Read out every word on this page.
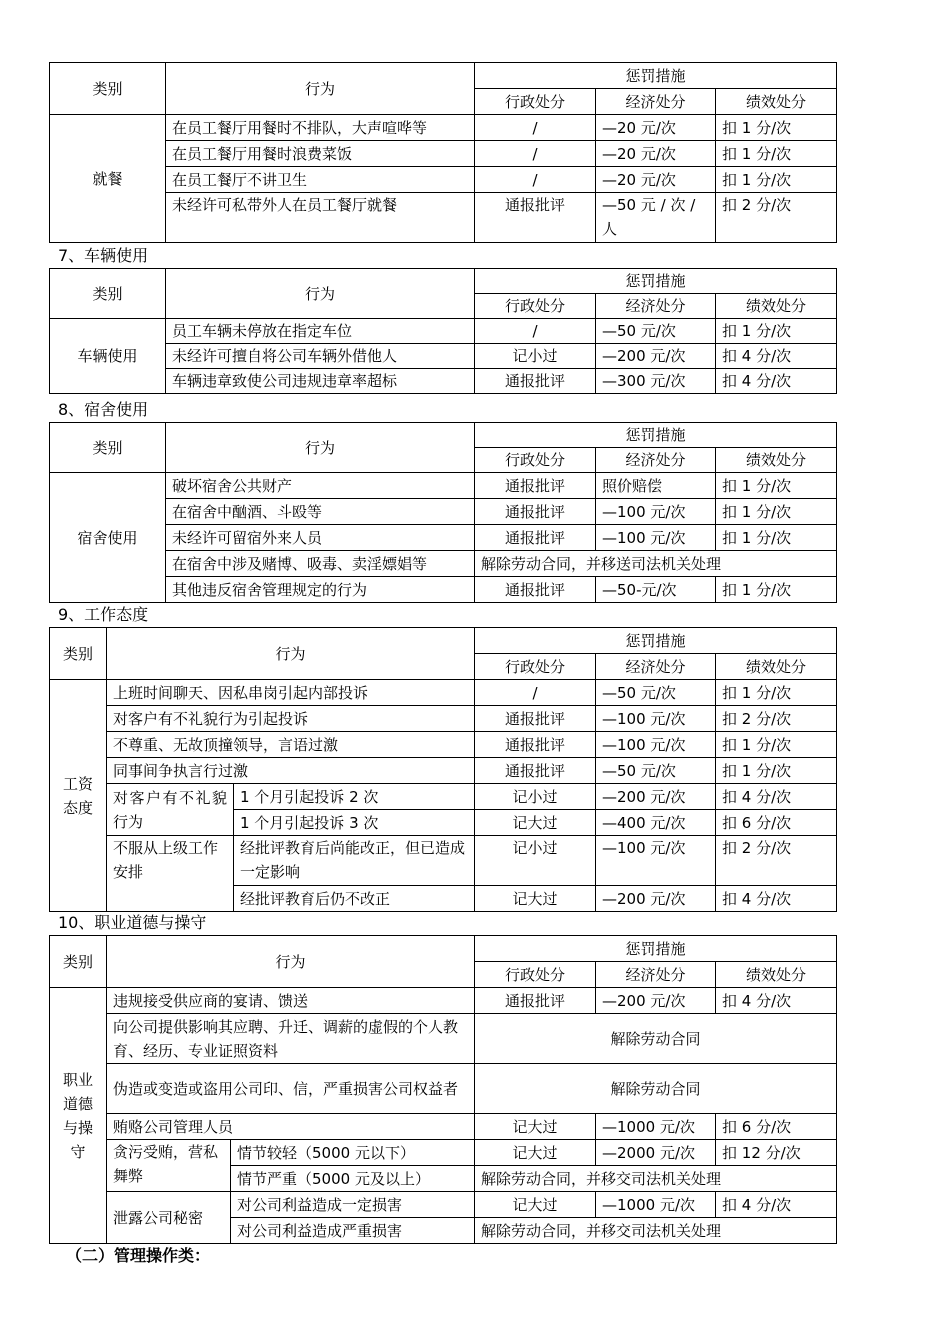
类别	行为	惩罚措施		
		行政处分	经济处分	绩效处分
就餐	在员工餐厅用餐时不排队，大声喧哗等	/	—20 元/次	扣 1 分/次
	在员工餐厅用餐时浪费菜饭	/	—20 元/次	扣 1 分/次
	在员工餐厅不讲卫生	/	—20 元/次	扣 1 分/次
	未经许可私带外人在员工餐厅就餐	通报批评	—50 元 / 次 / 人	扣 2 分/次
7、车辆使用
类别	行为	惩罚措施		
		行政处分	经济处分	绩效处分
车辆使用	员工车辆未停放在指定车位	/	—50 元/次	扣 1 分/次
	未经许可擅自将公司车辆外借他人	记小过	—200 元/次	扣 4 分/次
	车辆违章致使公司违规违章率超标	通报批评	—300 元/次	扣 4 分/次
8、宿舍使用
类别	行为	惩罚措施		
		行政处分	经济处分	绩效处分
宿舍使用	破坏宿舍公共财产	通报批评	照价赔偿	扣 1 分/次
	在宿舍中酗酒、斗殴等	通报批评	—100 元/次	扣 1 分/次
	未经许可留宿外来人员	通报批评	—100 元/次	扣 1 分/次
	在宿舍中涉及赌博、吸毒、卖淫嫖娼等	解除劳动合同，并移送司法机关处理		
	其他违反宿舍管理规定的行为	通报批评	—50-元/次	扣 1 分/次
9、工作态度
类别	行为		惩罚措施		
			行政处分	经济处分	绩效处分
工资态度	上班时间聊天、因私串岗引起内部投诉		/	—50 元/次	扣 1 分/次
	对客户有不礼貌行为引起投诉		通报批评	—100 元/次	扣 2 分/次
	不尊重、无故顶撞领导，言语过激		通报批评	—100 元/次	扣 1 分/次
	同事间争执言行过激		通报批评	—50 元/次	扣 1 分/次
	对客户有不礼貌行为	1 个月引起投诉 2 次	记小过	—200 元/次	扣 4 分/次
		1 个月引起投诉 3 次	记大过	—400 元/次	扣 6 分/次
	不服从上级工作安排	经批评教育后尚能改正，但已造成一定影响	记小过	—100 元/次	扣 2 分/次
		经批评教育后仍不改正	记大过	—200 元/次	扣 4 分/次
10、职业道德与操守
类别	行为		惩罚措施		
			行政处分	经济处分	绩效处分
职业道德与操守	违规接受供应商的宴请、馈送		通报批评	—200 元/次	扣 4 分/次
	向公司提供影响其应聘、升迁、调薪的虚假的个人教育、经历、专业证照资料		解除劳动合同		
	伪造或变造或盗用公司印、信，严重损害公司权益者		解除劳动合同		
	贿赂公司管理人员		记大过	—1000 元/次	扣 6 分/次
	贪污受贿，营私舞弊	情节较轻（5000 元以下）	记大过	—2000 元/次	扣 12 分/次
		情节严重（5000 元及以上）	解除劳动合同，并移交司法机关处理		
	泄露公司秘密	对公司利益造成一定损害	记大过	—1000 元/次	扣 4 分/次
		对公司利益造成严重损害	解除劳动合同，并移交司法机关处理		
（二）管理操作类：
